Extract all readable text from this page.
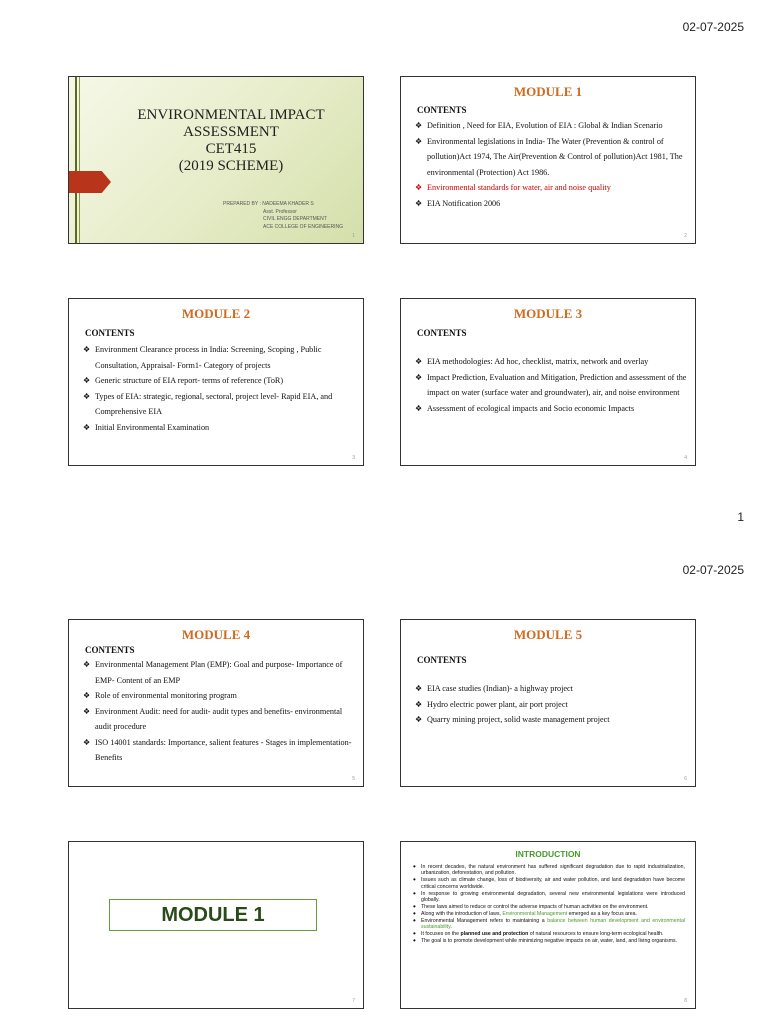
02-07-2025
ENVIRONMENTAL IMPACT
ASSESSMENT
CET415
(2019 SCHEME)
PREPARED BY : NADEEMA KHADER S
Asst. Professor
CIVIL ENGG DEPARTMENT
ACE COLLEGE OF ENGINEERING
1
MODULE 1
CONTENTS
❖ Definition , Need for EIA, Evolution of EIA : Global & Indian Scenario
❖ Environmental legislations in India- The Water (Prevention & control of pollution)Act 1974, The Air(Prevention & Control of pollution)Act 1981, The environmental (Protection) Act 1986.
❖ Environmental standards for water, air and noise quality
❖ EIA Notification 2006
2
MODULE 2
CONTENTS
❖ Environment Clearance process in India: Screening, Scoping , Public Consultation, Appraisal- Form1- Category of projects
❖ Generic structure of EIA report- terms of reference (ToR)
❖ Types of EIA: strategic, regional, sectoral, project level- Rapid EIA, and Comprehensive EIA
❖ Initial Environmental Examination
3
MODULE 3
CONTENTS
❖ EIA methodologies: Ad hoc, checklist, matrix, network and overlay
❖ Impact Prediction, Evaluation and Mitigation, Prediction and assessment of the impact on water (surface water and groundwater), air, and noise environment
❖ Assessment of ecological impacts and Socio economic Impacts
4
1
02-07-2025
MODULE 4
CONTENTS
❖ Environmental Management Plan (EMP): Goal and purpose- Importance of EMP- Content of an EMP
❖ Role of environmental monitoring program
❖ Environment Audit: need for audit- audit types and benefits- environmental audit procedure
❖ ISO 14001 standards: Importance, salient features - Stages in implementation- Benefits
5
MODULE 5
CONTENTS
❖ EIA case studies (Indian)- a highway project
❖ Hydro electric power plant, air port project
❖ Quarry mining project, solid waste management project
6
MODULE 1
7
INTRODUCTION
• In recent decades, the natural environment has suffered significant degradation due to rapid industrialization, urbanization, deforestation, and pollution.
• Issues such as climate change, loss of biodiversity, air and water pollution, and land degradation have become critical concerns worldwide.
• In response to growing environmental degradation, several new environmental legislations were introduced globally.
• These laws aimed to reduce or control the adverse impacts of human activities on the environment.
• Along with the introduction of laws, Environmental Management emerged as a key focus area.
• Environmental Management refers to maintaining a balance between human development and environmental sustainability.
• It focuses on the planned use and protection of natural resources to ensure long-term ecological health.
• The goal is to promote development while minimizing negative impacts on air, water, land, and living organisms.
8
